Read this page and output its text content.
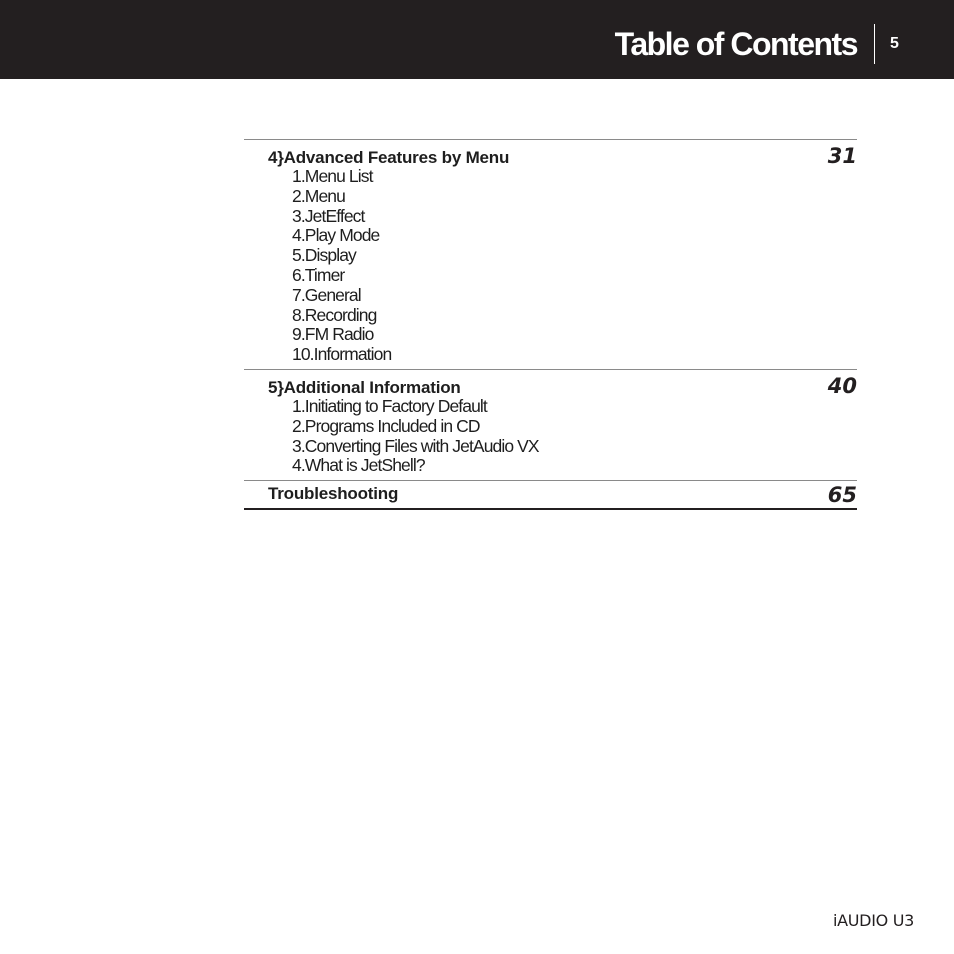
Table of Contents 5
4}Advanced Features by Menu	31
1.Menu List
2.Menu
3.JetEffect
4.Play Mode
5.Display
6.Timer
7.General
8.Recording
9.FM Radio
10.Information
5}Additional Information	40
1.Initiating to Factory Default
2.Programs Included in CD
3.Converting Files with JetAudio VX
4.What is JetShell?
Troubleshooting	65
iAUDIO U3
